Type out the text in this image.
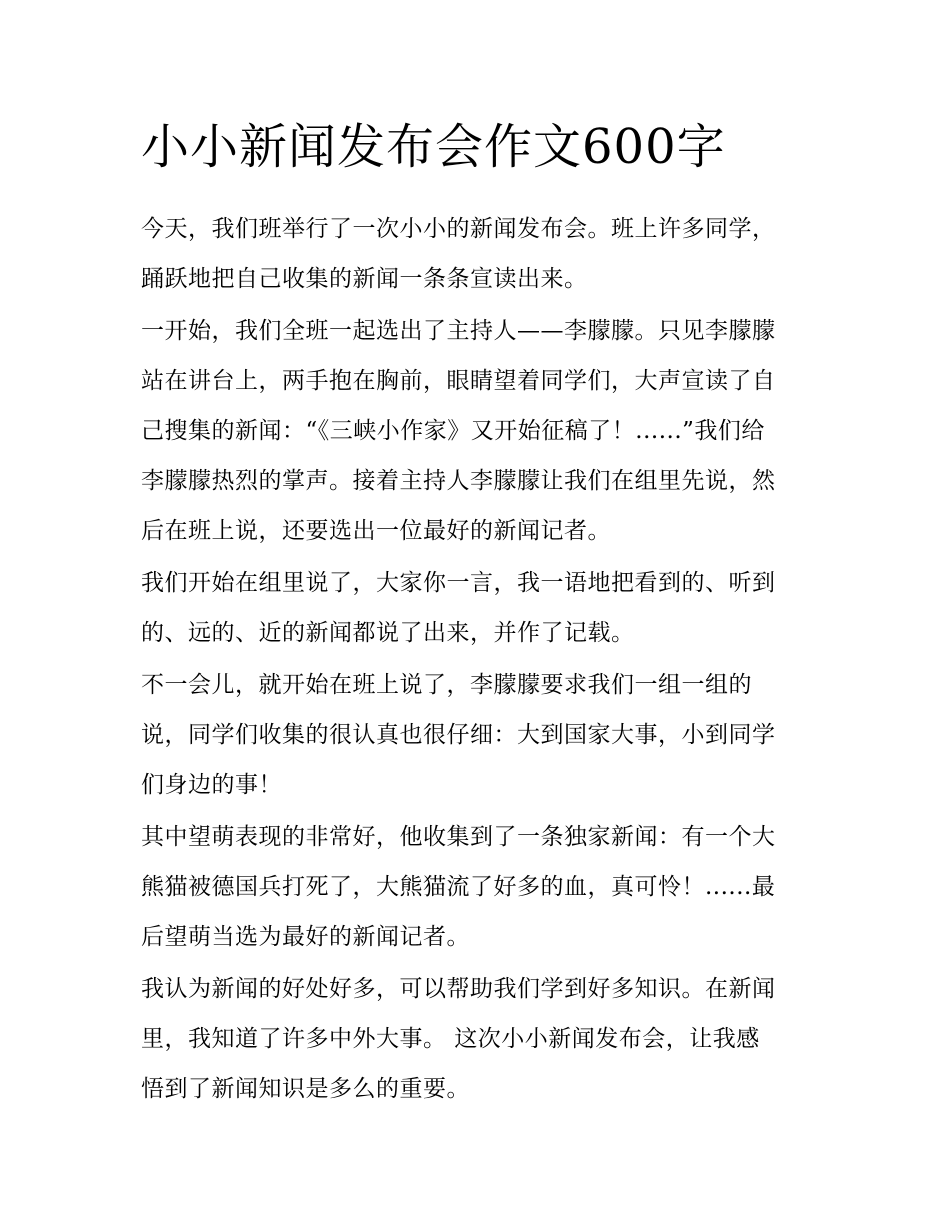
小小新闻发布会作文600字

今天，我们班举行了一次小小的新闻发布会。班上许多同学，
踊跃地把自己收集的新闻一条条宣读出来。

一开始，我们全班一起选出了主持人——李朦朦。只见李朦朦
站在讲台上，两手抱在胸前，眼睛望着同学们，大声宣读了自
己搜集的新闻：“《三峡小作家》又开始征稿了！......”我们给
李朦朦热烈的掌声。接着主持人李朦朦让我们在组里先说，然
后在班上说，还要选出一位最好的新闻记者。

我们开始在组里说了，大家你一言，我一语地把看到的、听到
的、远的、近的新闻都说了出来，并作了记载。

不一会儿，就开始在班上说了，李朦朦要求我们一组一组的
说，同学们收集的很认真也很仔细：大到国家大事，小到同学
们身边的事！

其中望萌表现的非常好，他收集到了一条独家新闻：有一个大
熊猫被德国兵打死了，大熊猫流了好多的血，真可怜！......最
后望萌当选为最好的新闻记者。

我认为新闻的好处好多，可以帮助我们学到好多知识。在新闻
里，我知道了许多中外大事。 这次小小新闻发布会，让我感
悟到了新闻知识是多么的重要。
